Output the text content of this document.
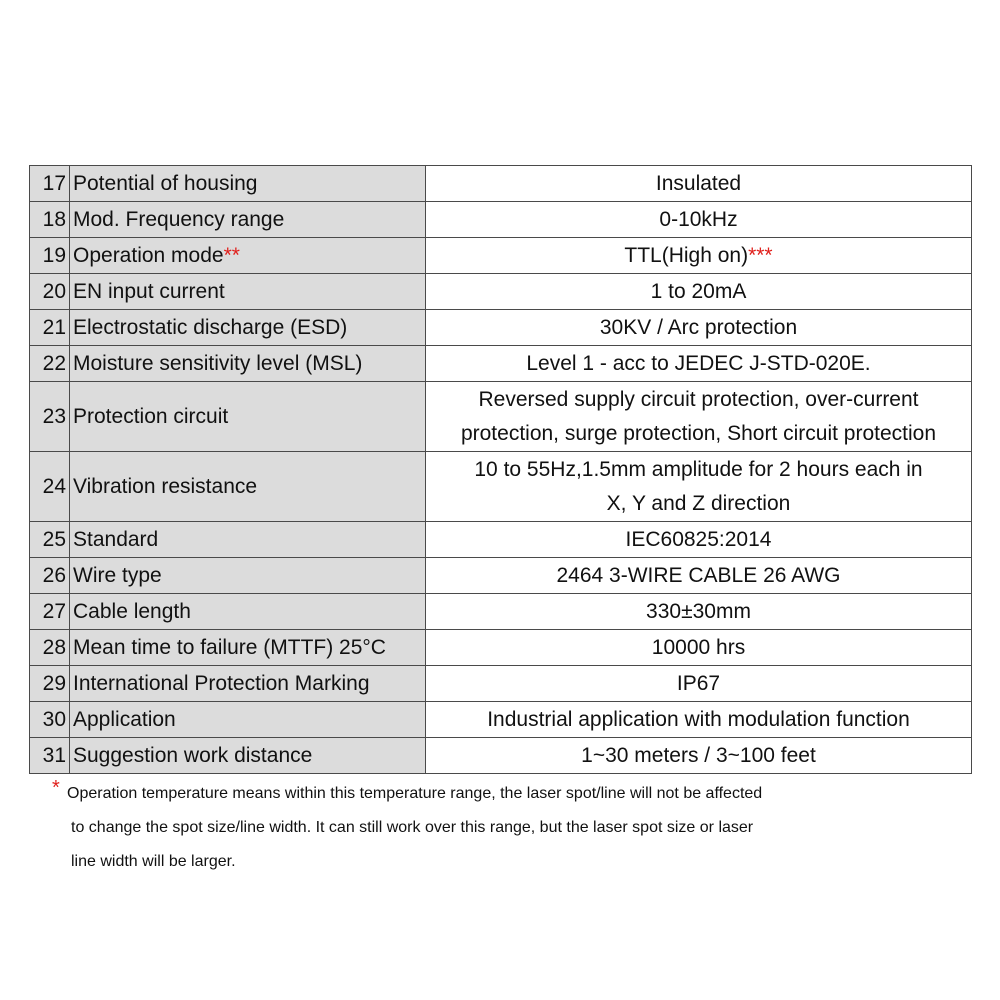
17	Potential of housing	Insulated
18	Mod. Frequency range	0-10kHz
19	Operation mode**	TTL(High on)***
20	EN input current	1 to 20mA
21	Electrostatic discharge (ESD)	30KV / Arc protection
22	Moisture sensitivity level (MSL)	Level 1 - acc to JEDEC J-STD-020E.
23	Protection circuit	Reversed supply circuit protection, over-current
protection, surge protection, Short circuit protection

24	Vibration resistance	10 to 55Hz,1.5mm amplitude for 2 hours each in
X, Y and Z direction

25	Standard	IEC60825:2014
26	Wire type	2464 3-WIRE CABLE 26 AWG
27	Cable length	330±30mm
28	Mean time to failure (MTTF) 25°C	10000 hrs
29	International Protection Marking	IP67
30	Application	Industrial application with modulation function
31	Suggestion work distance	1~30 meters / 3~100 feet
* Operation temperature means within this temperature range, the laser spot/line will not be affected
to change the spot size/line width. It can still work over this range, but the laser spot size or laser
line width will be larger.
